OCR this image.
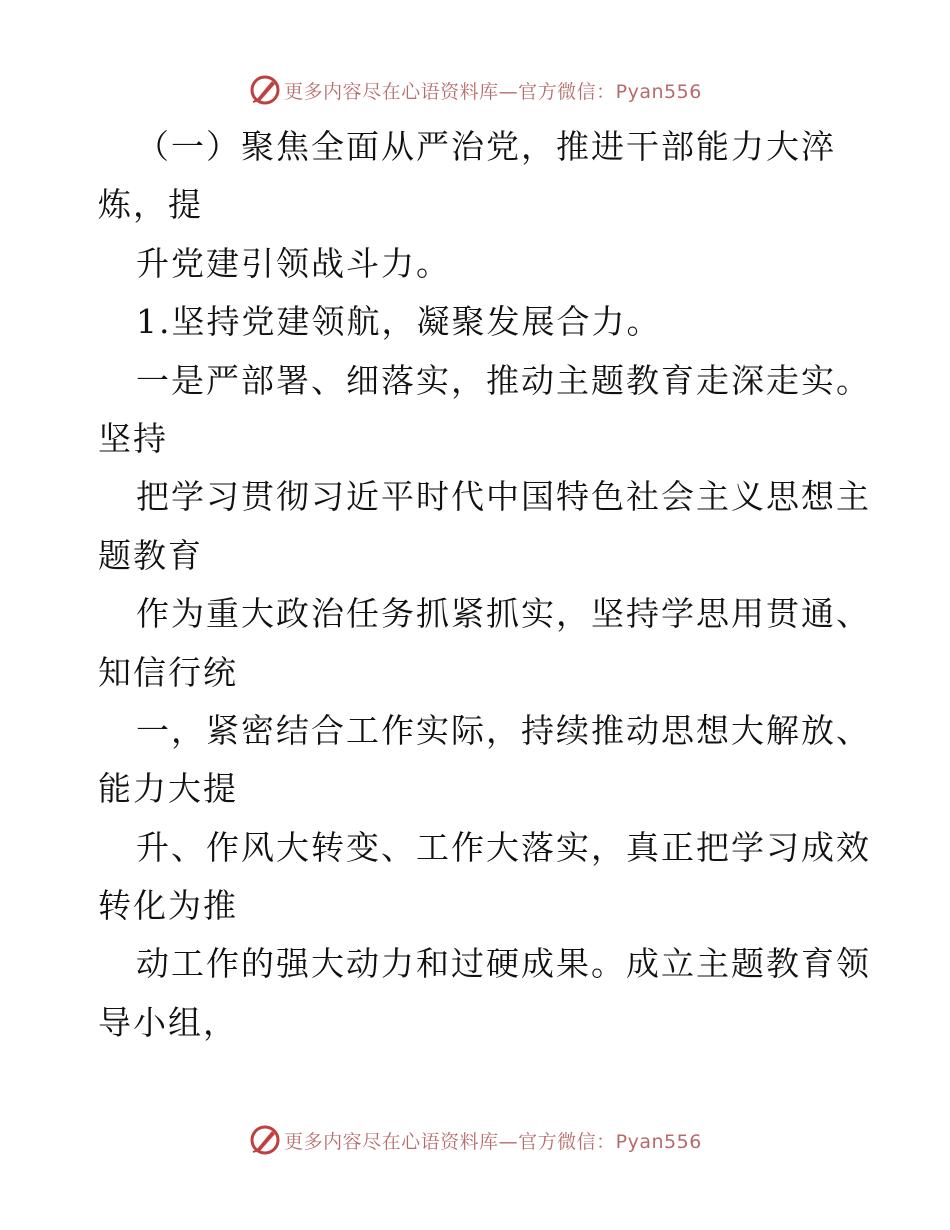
更多内容尽在心语资料库—官方微信：Pyan556
（一）聚焦全面从严治党，推进干部能力大淬
炼，提
升党建引领战斗力。
1.坚持党建领航，凝聚发展合力。
一是严部署、细落实，推动主题教育走深走实。
坚持
把学习贯彻习近平时代中国特色社会主义思想主
题教育
作为重大政治任务抓紧抓实，坚持学思用贯通、
知信行统
一，紧密结合工作实际，持续推动思想大解放、
能力大提
升、作风大转变、工作大落实，真正把学习成效
转化为推
动工作的强大动力和过硬成果。成立主题教育领
导小组，
更多内容尽在心语资料库—官方微信：Pyan556
